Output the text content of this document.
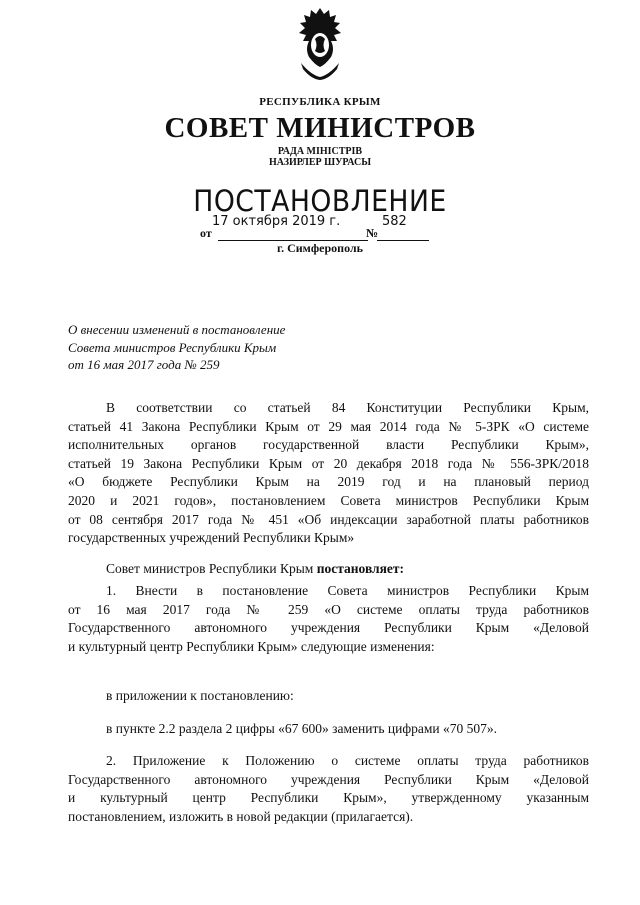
РЕСПУБЛИКА КРЫМ
СОВЕТ МИНИСТРОВ
РАДА МІНІСТРІВ
НАЗИРЛЕР ШУРАСЫ
ПОСТАНОВЛЕНИЕ
17 октября 2019 г.	582
от	№
г. Симферополь
О внесении изменений в постановление
Совета министров Республики Крым
от 16 мая 2017 года № 259
В соответствии со статьей 84 Конституции Республики Крым,
статьей 41 Закона Республики Крым от 29 мая 2014 года № 5-ЗРК «О системе
исполнительных органов государственной власти Республики Крым»,
статьей 19 Закона Республики Крым от 20 декабря 2018 года № 556-ЗРК/2018
«О бюджете Республики Крым на 2019 год и на плановый период
2020 и 2021 годов», постановлением Совета министров Республики Крым
от 08 сентября 2017 года № 451 «Об индексации заработной платы работников
государственных учреждений Республики Крым»
Совет министров Республики Крым постановляет:
1. Внести в постановление Совета министров Республики Крым
от 16 мая 2017 года № 259 «О системе оплаты труда работников
Государственного автономного учреждения Республики Крым «Деловой
и культурный центр Республики Крым» следующие изменения:
в приложении к постановлению:
в пункте 2.2 раздела 2 цифры «67 600» заменить цифрами «70 507».
2. Приложение к Положению о системе оплаты труда работников
Государственного автономного учреждения Республики Крым «Деловой
и культурный центр Республики Крым», утвержденному указанным
постановлением, изложить в новой редакции (прилагается).
